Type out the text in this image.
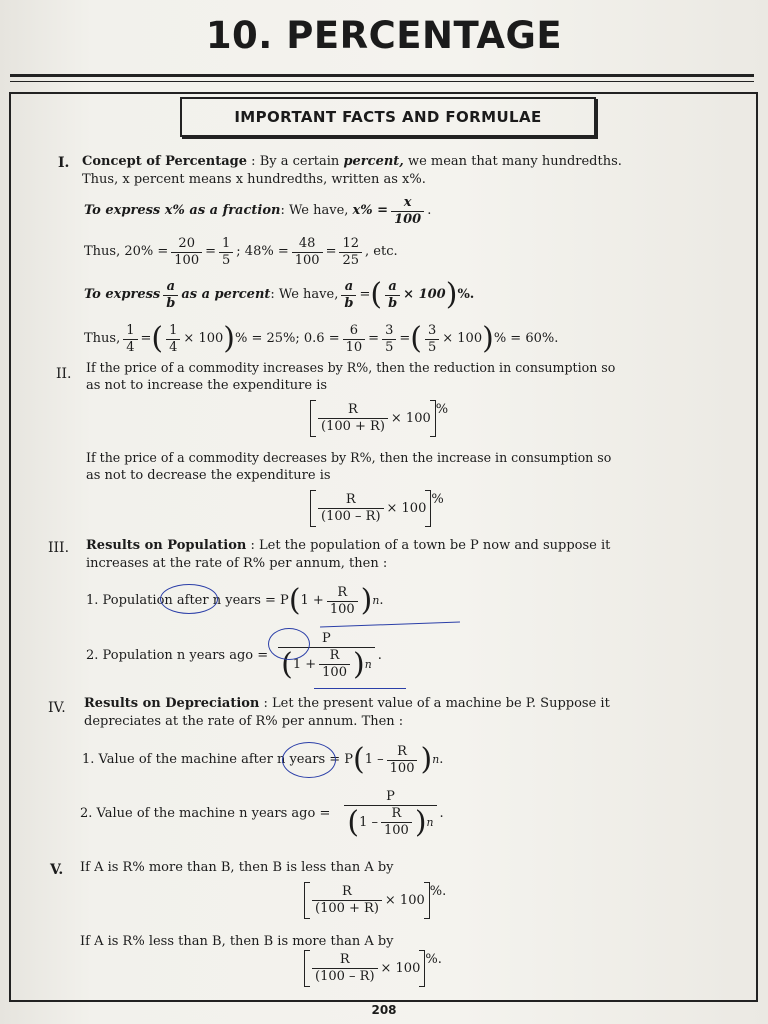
10. PERCENTAGE
IMPORTANT FACTS AND FORMULAE
I. Concept of Percentage : By a certain percent, we mean that many hundredths.
Thus, x percent means x hundredths, written as x%.
To express x% as a fraction : We have,
$x\% = \frac{x}{100}$ .
Thus, $20\% = \frac{20}{100} = \frac{1}{5}$ ; $48\% = \frac{48}{100} = \frac{12}{25}$ , etc.
To express $\frac{a}{b}$ as a percent : We have, $\frac{a}{b}$ = ( $\frac{a}{b} \times 100$ ) %.
Thus, $\frac{1}{4}$ = ( $\frac{1}{4} \times 100$ ) % = 25%; $0.6 = \frac{6}{10} = \frac{3}{5}$ = ( $\frac{3}{5} \times 100$ ) % = 60%.
II. If the price of a commodity increases by R%, then the reduction in consumption so
as not to increase the expenditure is
$\frac{R}{(100 + R)} \times 100$
%
If the price of a commodity decreases by R%, then the increase in consumption so
as not to decrease the expenditure is
$\frac{R}{(100 - R)} \times 100$
%
III. Results on Population : Let the population of a town be P now and suppose it
increases at the rate of R% per annum, then :
1. Population after n years = P ( $1 + \frac{R}{100}$ ) n .
2. Population n years ago = $\frac{P}{( 1 + \frac{R}{100} ) n}$ .
IV. Results on Depreciation : Let the present value of a machine be P. Suppose it
depreciates at the rate of R% per annum. Then :
1. Value of the machine after n years = P ( $1 - \frac{R}{100}$ ) n .
2. Value of the machine n years ago = $\frac{P}{( 1 - \frac{R}{100} ) n}$ .
V. If A is R% more than B, then B is less than A by
$\frac{R}{(100 + R)} \times 100$
%.
If A is R% less than B, then B is more than A by
$\frac{R}{(100 - R)} \times 100$
%.
208
